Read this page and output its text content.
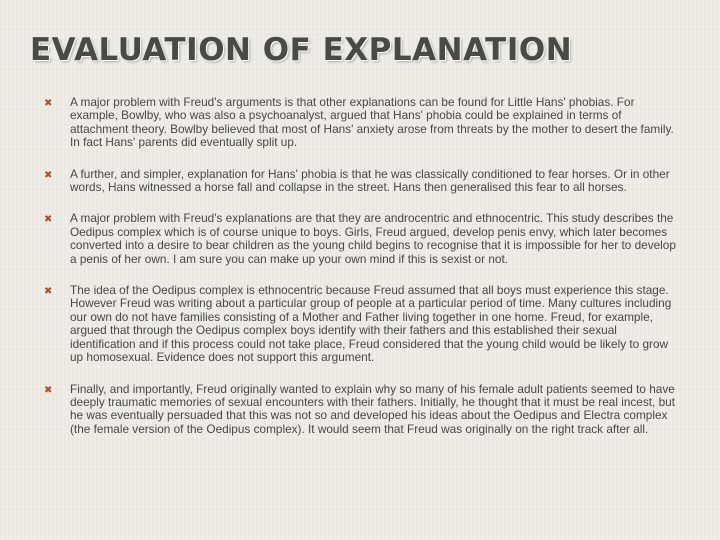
EVALUATION OF EXPLANATION
✖ A major problem with Freud's arguments is that other explanations can be found for Little Hans' phobias. For example, Bowlby, who was also a psychoanalyst, argued that Hans' phobia could be explained in terms of attachment theory. Bowlby believed that most of Hans' anxiety arose from threats by the mother to desert the family. In fact Hans' parents did eventually split up.
✖ A further, and simpler, explanation for Hans' phobia is that he was classically conditioned to fear horses. Or in other words, Hans witnessed a horse fall and collapse in the street. Hans then generalised this fear to all horses.
✖ A major problem with Freud's explanations are that they are androcentric and ethnocentric. This study describes the Oedipus complex which is of course unique to boys. Girls, Freud argued, develop penis envy, which later becomes converted into a desire to bear children as the young child begins to recognise that it is impossible for her to develop a penis of her own. I am sure you can make up your own mind if this is sexist or not.
✖ The idea of the Oedipus complex is ethnocentric because Freud assumed that all boys must experience this stage. However Freud was writing about a particular group of people at a particular period of time. Many cultures including our own do not have families consisting of a Mother and Father living together in one home. Freud, for example, argued that through the Oedipus complex boys identify with their fathers and this established their sexual identification and if this process could not take place, Freud considered that the young child would be likely to grow up homosexual. Evidence does not support this argument.
✖ Finally, and importantly, Freud originally wanted to explain why so many of his female adult patients seemed to have deeply traumatic memories of sexual encounters with their fathers. Initially, he thought that it must be real incest, but he was eventually persuaded that this was not so and developed his ideas about the Oedipus and Electra complex (the female version of the Oedipus complex). It would seem that Freud was originally on the right track after all.
